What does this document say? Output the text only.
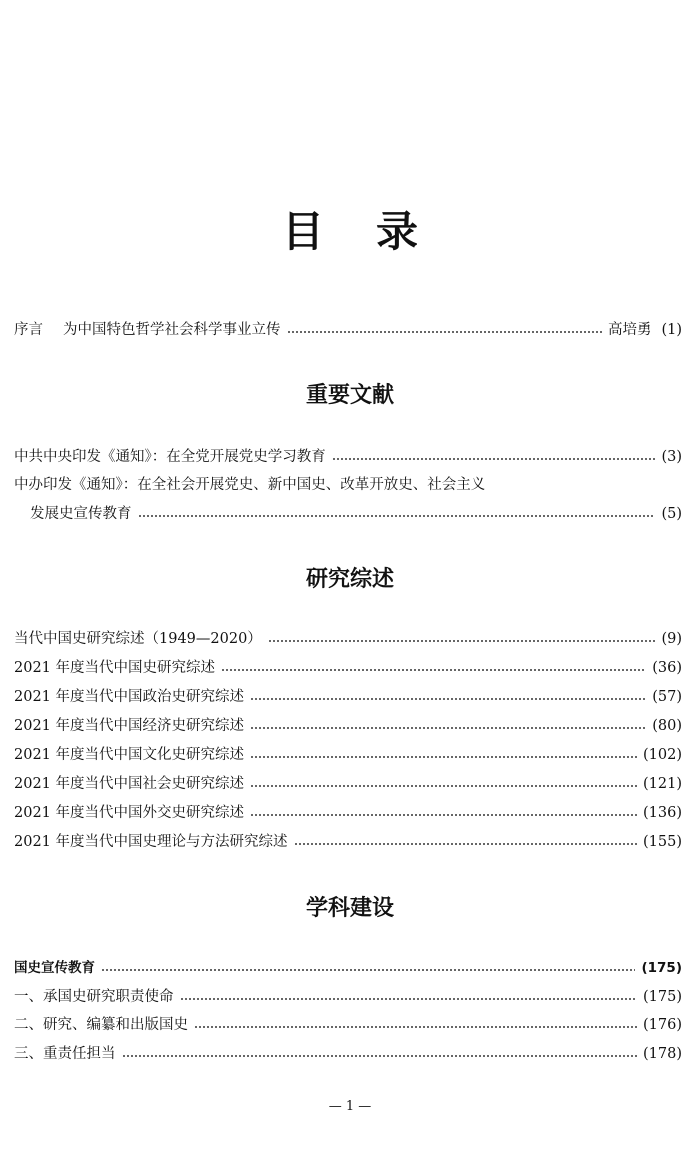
目录
序言 为中国特色哲学社会科学事业立传	高培勇 (1)
重要文献
中共中央印发《通知》：在全党开展党史学习教育	(3)
中办印发《通知》：在全社会开展党史、新中国史、改革开放史、社会主义
发展史宣传教育	(5)
研究综述
当代中国史研究综述（1949—2020）	(9)
2021 年度当代中国史研究综述	(36)
2021 年度当代中国政治史研究综述	(57)
2021 年度当代中国经济史研究综述	(80)
2021 年度当代中国文化史研究综述	(102)
2021 年度当代中国社会史研究综述	(121)
2021 年度当代中国外交史研究综述	(136)
2021 年度当代中国史理论与方法研究综述	(155)
学科建设
国史宣传教育	(175)
一、承国史研究职责使命	(175)
二、研究、编纂和出版国史	(176)
三、重责任担当	(178)
— 1 —
